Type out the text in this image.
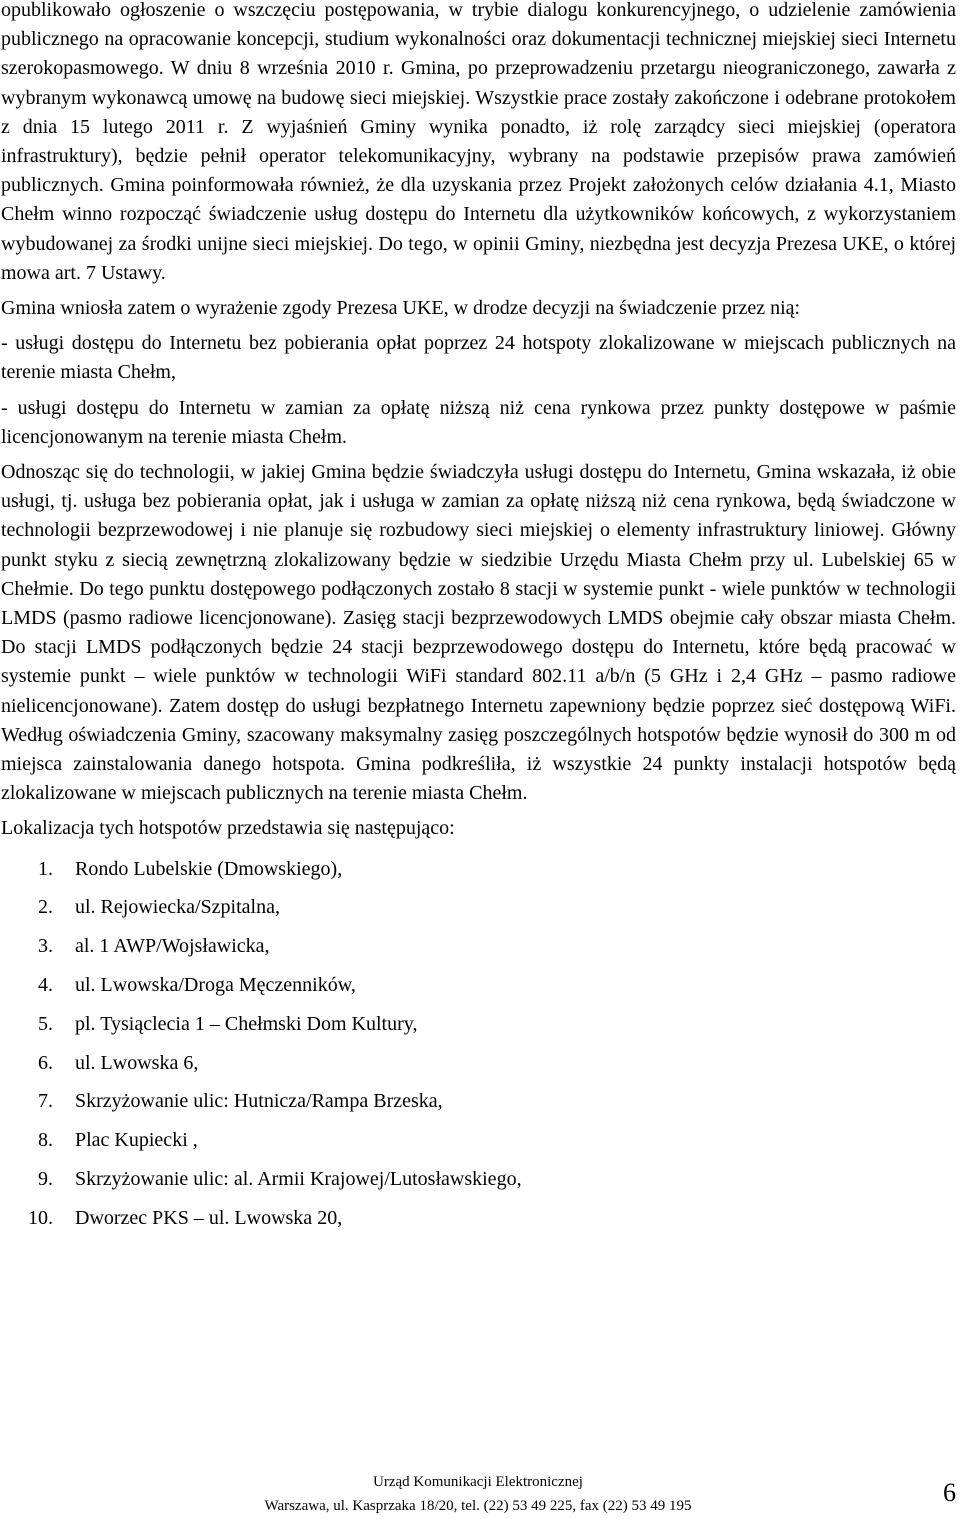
opublikowało ogłoszenie o wszczęciu postępowania, w trybie dialogu konkurencyjnego, o udzielenie zamówienia publicznego na opracowanie koncepcji, studium wykonalności oraz dokumentacji technicznej miejskiej sieci Internetu szerokopasmowego. W dniu 8 września 2010 r. Gmina, po przeprowadzeniu przetargu nieograniczonego, zawarła z wybranym wykonawcą umowę na budowę sieci miejskiej. Wszystkie prace zostały zakończone i odebrane protokołem z dnia 15 lutego 2011 r. Z wyjaśnień Gminy wynika ponadto, iż rolę zarządcy sieci miejskiej (operatora infrastruktury), będzie pełnił operator telekomunikacyjny, wybrany na podstawie przepisów prawa zamówień publicznych. Gmina poinformowała również, że dla uzyskania przez Projekt założonych celów działania 4.1, Miasto Chełm winno rozpocząć świadczenie usług dostępu do Internetu dla użytkowników końcowych, z wykorzystaniem wybudowanej za środki unijne sieci miejskiej. Do tego, w opinii Gminy, niezbędna jest decyzja Prezesa UKE, o której mowa art. 7 Ustawy.

Gmina wniosła zatem o wyrażenie zgody Prezesa UKE, w drodze decyzji na świadczenie przez nią:

- usługi dostępu do Internetu bez pobierania opłat poprzez 24 hotspoty zlokalizowane w miejscach publicznych na terenie miasta Chełm,

- usługi dostępu do Internetu w zamian za opłatę niższą niż cena rynkowa przez punkty dostępowe w paśmie licencjonowanym na terenie miasta Chełm.

Odnosząc się do technologii, w jakiej Gmina będzie świadczyła usługi dostępu do Internetu, Gmina wskazała, iż obie usługi, tj. usługa bez pobierania opłat, jak i usługa w zamian za opłatę niższą niż cena rynkowa, będą świadczone w technologii bezprzewodowej i nie planuje się rozbudowy sieci miejskiej o elementy infrastruktury liniowej. Główny punkt styku z siecią zewnętrzną zlokalizowany będzie w siedzibie Urzędu Miasta Chełm przy ul. Lubelskiej 65 w Chełmie. Do tego punktu dostępowego podłączonych zostało 8 stacji w systemie punkt - wiele punktów w technologii LMDS (pasmo radiowe licencjonowane). Zasięg stacji bezprzewodowych LMDS obejmie cały obszar miasta Chełm. Do stacji LMDS podłączonych będzie 24 stacji bezprzewodowego dostępu do Internetu, które będą pracować w systemie punkt – wiele punktów w technologii WiFi standard 802.11 a/b/n (5 GHz i 2,4 GHz – pasmo radiowe nielicencjonowane). Zatem dostęp do usługi bezpłatnego Internetu zapewniony będzie poprzez sieć dostępową WiFi. Według oświadczenia Gminy, szacowany maksymalny zasięg poszczególnych hotspotów będzie wynosił do 300 m od miejsca zainstalowania danego hotspota. Gmina podkreśliła, iż wszystkie 24 punkty instalacji hotspotów będą zlokalizowane w miejscach publicznych na terenie miasta Chełm.

Lokalizacja tych hotspotów przedstawia się następująco:

1.	Rondo Lubelskie (Dmowskiego),
2.	ul. Rejowiecka/Szpitalna,
3.	al. 1 AWP/Wojsławicka,
4.	ul. Lwowska/Droga Męczenników,
5.	pl. Tysiąclecia 1 – Chełmski Dom Kultury,
6.	ul. Lwowska 6,
7.	Skrzyżowanie ulic: Hutnicza/Rampa Brzeska,
8.	Plac Kupiecki ,
9.	Skrzyżowanie ulic: al. Armii Krajowej/Lutosławskiego,
10.	Dworzec PKS – ul. Lwowska 20,
Urząd Komunikacji Elektronicznej
Warszawa, ul. Kasprzaka 18/20, tel. (22) 53 49 225, fax (22) 53 49 195	6
